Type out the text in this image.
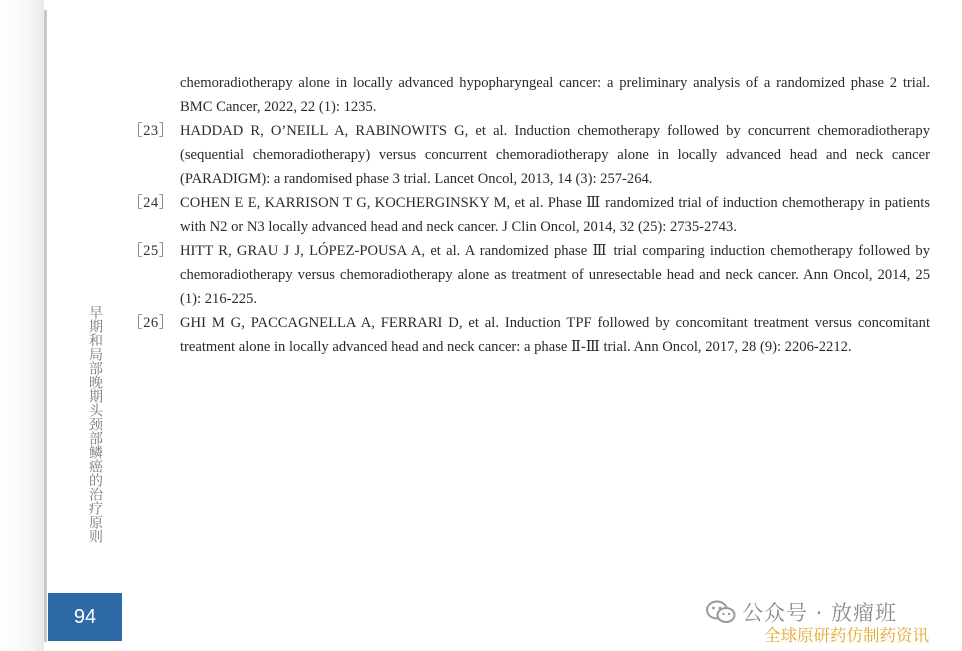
chemoradiotherapy alone in locally advanced hypopharyngeal cancer: a preliminary analysis of a randomized phase 2 trial. BMC Cancer, 2022, 22 (1): 1235.
［23］ HADDAD R, O’NEILL A, RABINOWITS G, et al. Induction chemotherapy followed by concurrent chemoradiotherapy (sequential chemoradiotherapy) versus concurrent chemoradiotherapy alone in locally advanced head and neck cancer (PARADIGM): a randomised phase 3 trial. Lancet Oncol, 2013, 14 (3): 257-264.
［24］ COHEN E E, KARRISON T G, KOCHERGINSKY M, et al. Phase Ⅲ randomized trial of induction chemotherapy in patients with N2 or N3 locally advanced head and neck cancer. J Clin Oncol, 2014, 32 (25): 2735-2743.
［25］ HITT R, GRAU J J, LÓPEZ-POUSA A, et al. A randomized phase Ⅲ trial comparing induction chemotherapy followed by chemoradiotherapy versus chemoradiotherapy alone as treatment of unresectable head and neck cancer. Ann Oncol, 2014, 25 (1): 216-225.
［26］ GHI M G, PACCAGNELLA A, FERRARI D, et al. Induction TPF followed by concomitant treatment versus concomitant treatment alone in locally advanced head and neck cancer: a phase Ⅱ-Ⅲ trial. Ann Oncol, 2017, 28 (9): 2206-2212.
早期和局部晚期头颈部鳞癌的治疗原则
94	公众号 · 放瘤班
全球原研药仿制药资讯
